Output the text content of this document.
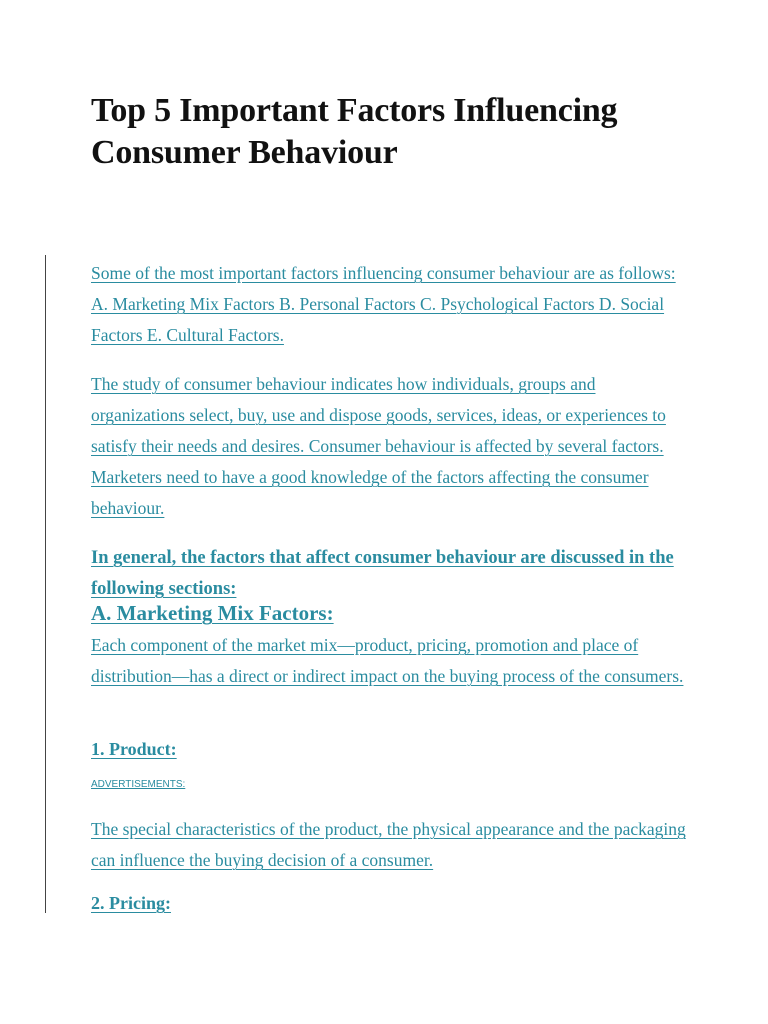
Top 5 Important Factors Influencing Consumer Behaviour

Some of the most important factors influencing consumer behaviour are as follows: A. Marketing Mix Factors B. Personal Factors C. Psychological Factors D. Social Factors E. Cultural Factors.

The study of consumer behaviour indicates how individuals, groups and organizations select, buy, use and dispose goods, services, ideas, or experiences to satisfy their needs and desires. Consumer behaviour is affected by several factors. Marketers need to have a good knowledge of the factors affecting the consumer behaviour.

In general, the factors that affect consumer behaviour are discussed in the following sections:

A. Marketing Mix Factors:

Each component of the market mix—product, pricing, promotion and place of distribution—has a direct or indirect impact on the buying process of the consumers.

1. Product:

ADVERTISEMENTS:

The special characteristics of the product, the physical appearance and the packaging can influence the buying decision of a consumer.

2. Pricing:
